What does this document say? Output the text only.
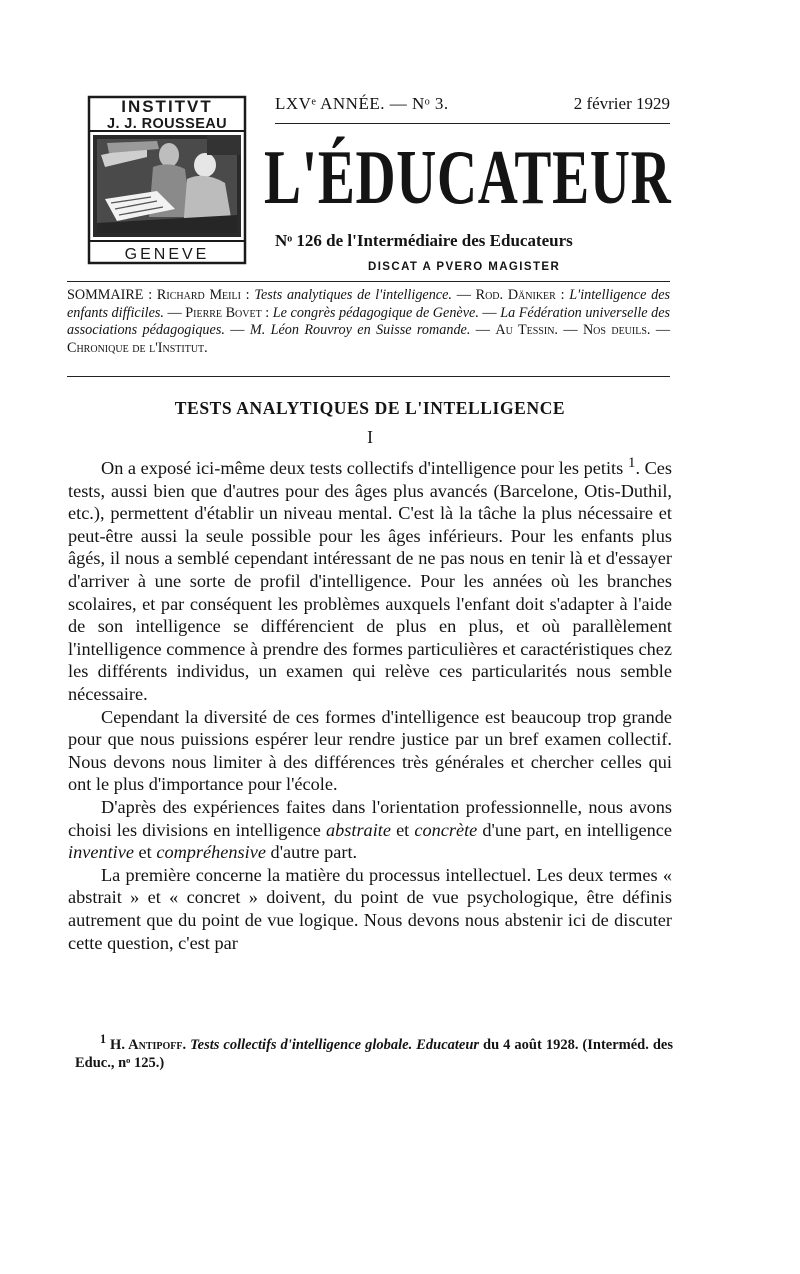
INSTITVT
J. J. ROUSSEAU
GENEVE
LXVᵉ ANNÉE. — Nᵒ 3.	2 février 1929
L'ÉDUCATEUR
Nᵒ 126 de l'Intermédiaire des Educateurs
DISCAT A PVERO MAGISTER

SOMMAIRE : Richard Meili : Tests analytiques de l'intelligence. — Rod. Däniker : L'intelligence des enfants difficiles. — Pierre Bovet : Le congrès pédagogique de Genève. — La Fédération universelle des associations pédagogiques. — M. Léon Rouvroy en Suisse romande. — Au Tessin. — Nos deuils. — Chronique de l'Institut.

TESTS ANALYTIQUES DE L'INTELLIGENCE
I

On a exposé ici-même deux tests collectifs d'intelligence pour les petits $^1$. Ces tests, aussi bien que d'autres pour des âges plus avancés (Barcelone, Otis-Duthil, etc.), permettent d'établir un niveau mental. C'est là la tâche la plus nécessaire et peut-être aussi la seule possible pour les âges inférieurs. Pour les enfants plus âgés, il nous a semblé cependant intéressant de ne pas nous en tenir là et d'essayer d'arriver à une sorte de profil d'intelligence. Pour les années où les branches scolaires, et par conséquent les problèmes auxquels l'enfant doit s'adapter à l'aide de son intelligence se différencient de plus en plus, et où parallèlement l'intelligence commence à prendre des formes particulières et caractéristiques chez les différents individus, un examen qui relève ces particularités nous semble nécessaire.

Cependant la diversité de ces formes d'intelligence est beaucoup trop grande pour que nous puissions espérer leur rendre justice par un bref examen collectif. Nous devons nous limiter à des différences très générales et chercher celles qui ont le plus d'importance pour l'école.

D'après des expériences faites dans l'orientation professionnelle, nous avons choisi les divisions en intelligence abstraite et concrète d'une part, en intelligence inventive et compréhensive d'autre part.

La première concerne la matière du processus intellectuel. Les deux termes « abstrait » et « concret » doivent, du point de vue psychologique, être définis autrement que du point de vue logique. Nous devons nous abstenir ici de discuter cette question, c'est par

$^1$ H. Antipoff. Tests collectifs d'intelligence globale. Educateur du 4 août 1928. (Interméd. des Educ., nᵒ 125.)
